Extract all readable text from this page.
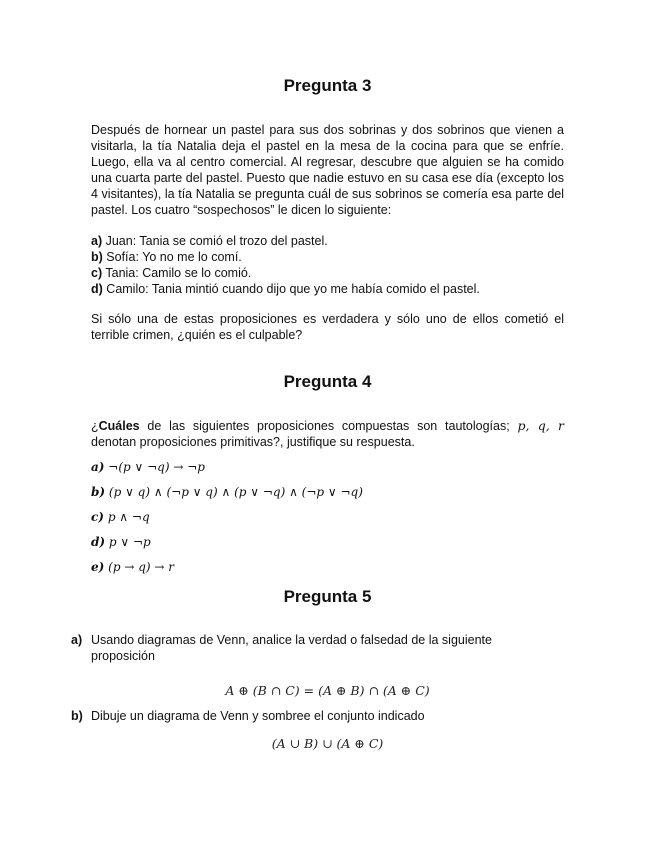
Pregunta 3

Después de hornear un pastel para sus dos sobrinas y dos sobrinos que vienen a visitarla, la tía Natalia deja el pastel en la mesa de la cocina para que se enfríe. Luego, ella va al centro comercial. Al regresar, descubre que alguien se ha comido una cuarta parte del pastel. Puesto que nadie estuvo en su casa ese día (excepto los 4 visitantes), la tía Natalia se pregunta cuál de sus sobrinos se comería esa parte del pastel. Los cuatro “sospechosos” le dicen lo siguiente:

a) Juan: Tania se comió el trozo del pastel.
b) Sofía: Yo no me lo comí.
c) Tania: Camilo se lo comió.
d) Camilo: Tania mintió cuando dijo que yo me había comido el pastel.

Si sólo una de estas proposiciones es verdadera y sólo uno de ellos cometió el terrible crimen, ¿quién es el culpable?

Pregunta 4

¿Cuáles de las siguientes proposiciones compuestas son tautologías; p, q, r denotan proposiciones primitivas?, justifique su respuesta.

a) ¬(p ∨ ¬q) → ¬p
b) (p ∨ q) ∧ (¬p ∨ q) ∧ (p ∨ ¬q) ∧ (¬p ∨ ¬q)
c) p ∧ ¬q
d) p ∨ ¬p
e) (p → q) → r
Pregunta 5
a) Usando diagramas de Venn, analice la verdad o falsedad de la siguiente proposición
A ⊕ (B ∩ C) = (A ⊕ B) ∩ (A ⊕ C)
b) Dibuje un diagrama de Venn y sombree el conjunto indicado
(A ∪ B) ∪ (A ⊕ C)
